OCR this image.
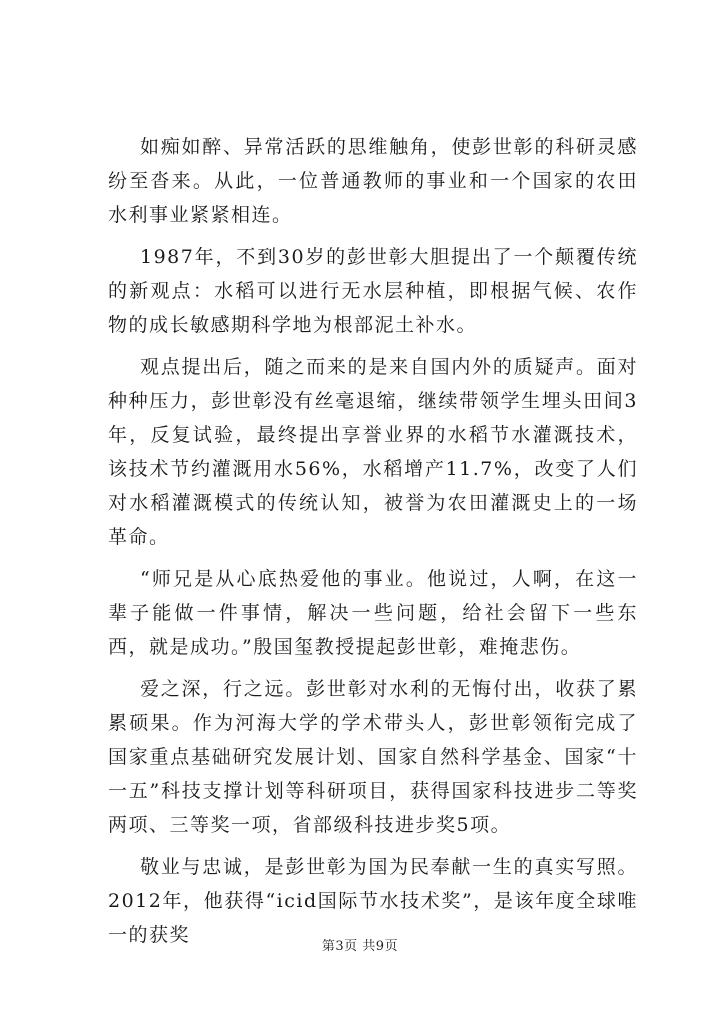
如痴如醉、异常活跃的思维触角，使彭世彰的科研灵感纷至沓来。从此，一位普通教师的事业和一个国家的农田水利事业紧紧相连。

1987年，不到30岁的彭世彰大胆提出了一个颠覆传统的新观点：水稻可以进行无水层种植，即根据气候、农作物的成长敏感期科学地为根部泥土补水。

观点提出后，随之而来的是来自国内外的质疑声。面对种种压力，彭世彰没有丝毫退缩，继续带领学生埋头田间3年，反复试验，最终提出享誉业界的水稻节水灌溉技术，该技术节约灌溉用水56%，水稻增产11.7%，改变了人们对水稻灌溉模式的传统认知，被誉为农田灌溉史上的一场革命。

“师兄是从心底热爱他的事业。他说过，人啊，在这一辈子能做一件事情，解决一些问题，给社会留下一些东西，就是成功。”殷国玺教授提起彭世彰，难掩悲伤。

爱之深，行之远。彭世彰对水利的无悔付出，收获了累累硕果。作为河海大学的学术带头人，彭世彰领衔完成了国家重点基础研究发展计划、国家自然科学基金、国家“十一五”科技支撑计划等科研项目，获得国家科技进步二等奖两项、三等奖一项，省部级科技进步奖5项。

敬业与忠诚，是彭世彰为国为民奉献一生的真实写照。2012年，他获得“icid国际节水技术奖”，是该年度全球唯一的获奖

第3页 共9页
